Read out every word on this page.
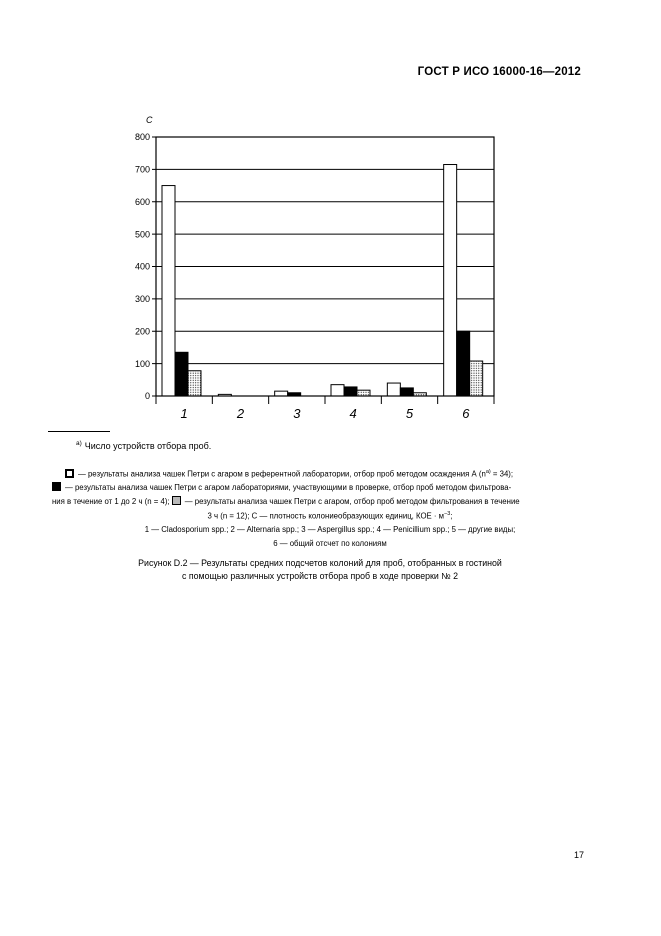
ГОСТ Р ИСО 16000-16—2012
0
100
200
300
400
500
600
700
800
C
1	2	3	4	5	6
$^{а)}$ Число устройств отбора проб.
— результаты анализа чашек Петри с агаром в референтной лаборатории, отбор проб методом осаждения А $(n^{а)} = 34)$;
— результаты анализа чашек Петри с агаром лабораториями, участвующими в проверке, отбор проб методом фильтрова-
ния в течение от 1 до 2 ч (n = 4); — результаты анализа чашек Петри с агаром, отбор проб методом фильтрования в течение
3 ч (n = 12); C — плотность колониеобразующих единиц, КОЕ · $м^{-3}$;
1 — Cladosporium spp.; 2 — Alternaria spp.; 3 — Aspergillus spp.; 4 — Penicillium spp.; 5 — другие виды;
6 — общий отсчет по колониям
Рисунок D.2 — Результаты средних подсчетов колоний для проб, отобранных в гостиной
с помощью различных устройств отбора проб в ходе проверки № 2
17
